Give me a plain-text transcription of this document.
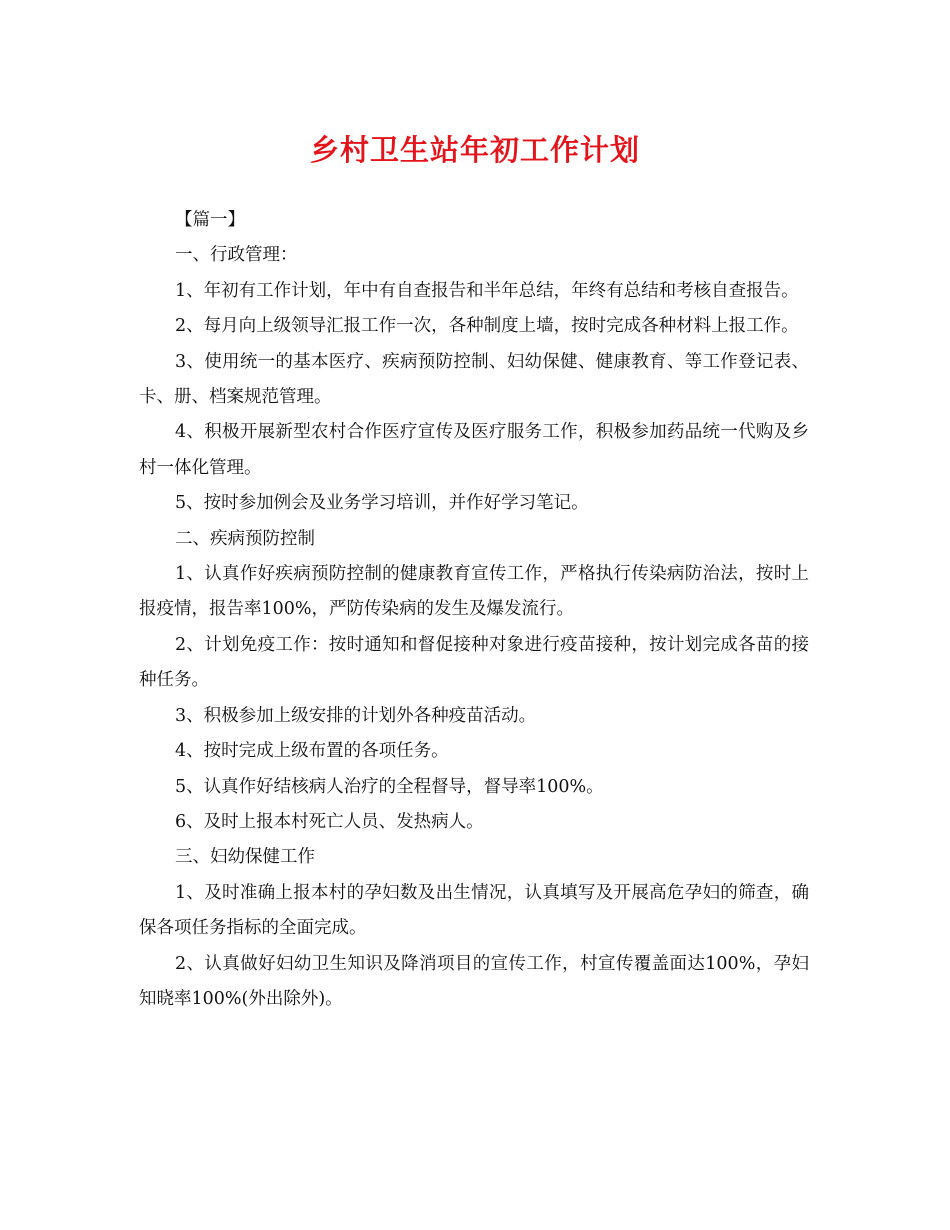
乡村卫生站年初工作计划

【篇一】

一、行政管理：

1、年初有工作计划，年中有自查报告和半年总结，年终有总结和考核自查报告。

2、每月向上级领导汇报工作一次，各种制度上墙，按时完成各种材料上报工作。

3、使用统一的基本医疗、疾病预防控制、妇幼保健、健康教育、等工作登记表、卡、册、档案规范管理。

4、积极开展新型农村合作医疗宣传及医疗服务工作，积极参加药品统一代购及乡村一体化管理。

5、按时参加例会及业务学习培训，并作好学习笔记。

二、疾病预防控制

1、认真作好疾病预防控制的健康教育宣传工作，严格执行传染病防治法，按时上报疫情，报告率100%，严防传染病的发生及爆发流行。

2、计划免疫工作：按时通知和督促接种对象进行疫苗接种，按计划完成各苗的接种任务。

3、积极参加上级安排的计划外各种疫苗活动。

4、按时完成上级布置的各项任务。

5、认真作好结核病人治疗的全程督导，督导率100%。

6、及时上报本村死亡人员、发热病人。

三、妇幼保健工作

1、及时准确上报本村的孕妇数及出生情况，认真填写及开展高危孕妇的筛查，确保各项任务指标的全面完成。

2、认真做好妇幼卫生知识及降消项目的宣传工作，村宣传覆盖面达100%，孕妇知晓率100%(外出除外)。
